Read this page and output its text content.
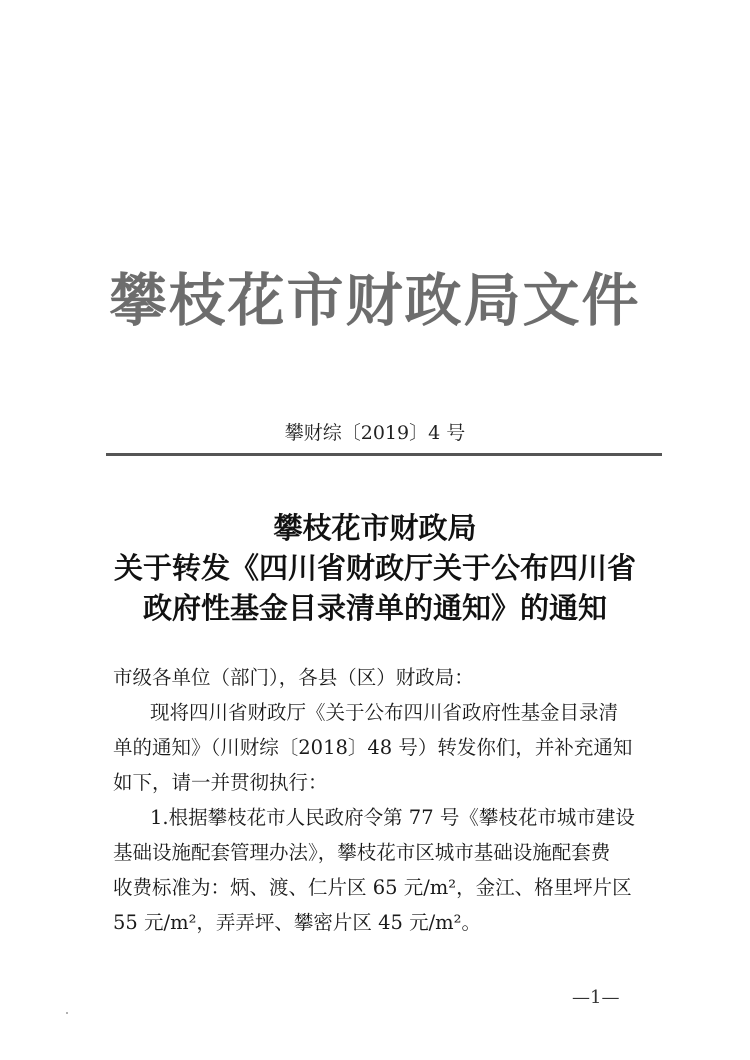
攀枝花市财政局文件
攀财综〔2019〕4 号
攀枝花市财政局
关于转发《四川省财政厅关于公布四川省
政府性基金目录清单的通知》的通知
市级各单位（部门），各县（区）财政局：
现将四川省财政厅《关于公布四川省政府性基金目录清
单的通知》（川财综〔2018〕48 号）转发你们，并补充通知
如下，请一并贯彻执行：
1.根据攀枝花市人民政府令第 77 号《攀枝花市城市建设
基础设施配套管理办法》，攀枝花市区城市基础设施配套费
收费标准为：炳、渡、仁片区 65 元/m²，金江、格里坪片区
55 元/m²，弄弄坪、攀密片区 45 元/m²。
—1—
